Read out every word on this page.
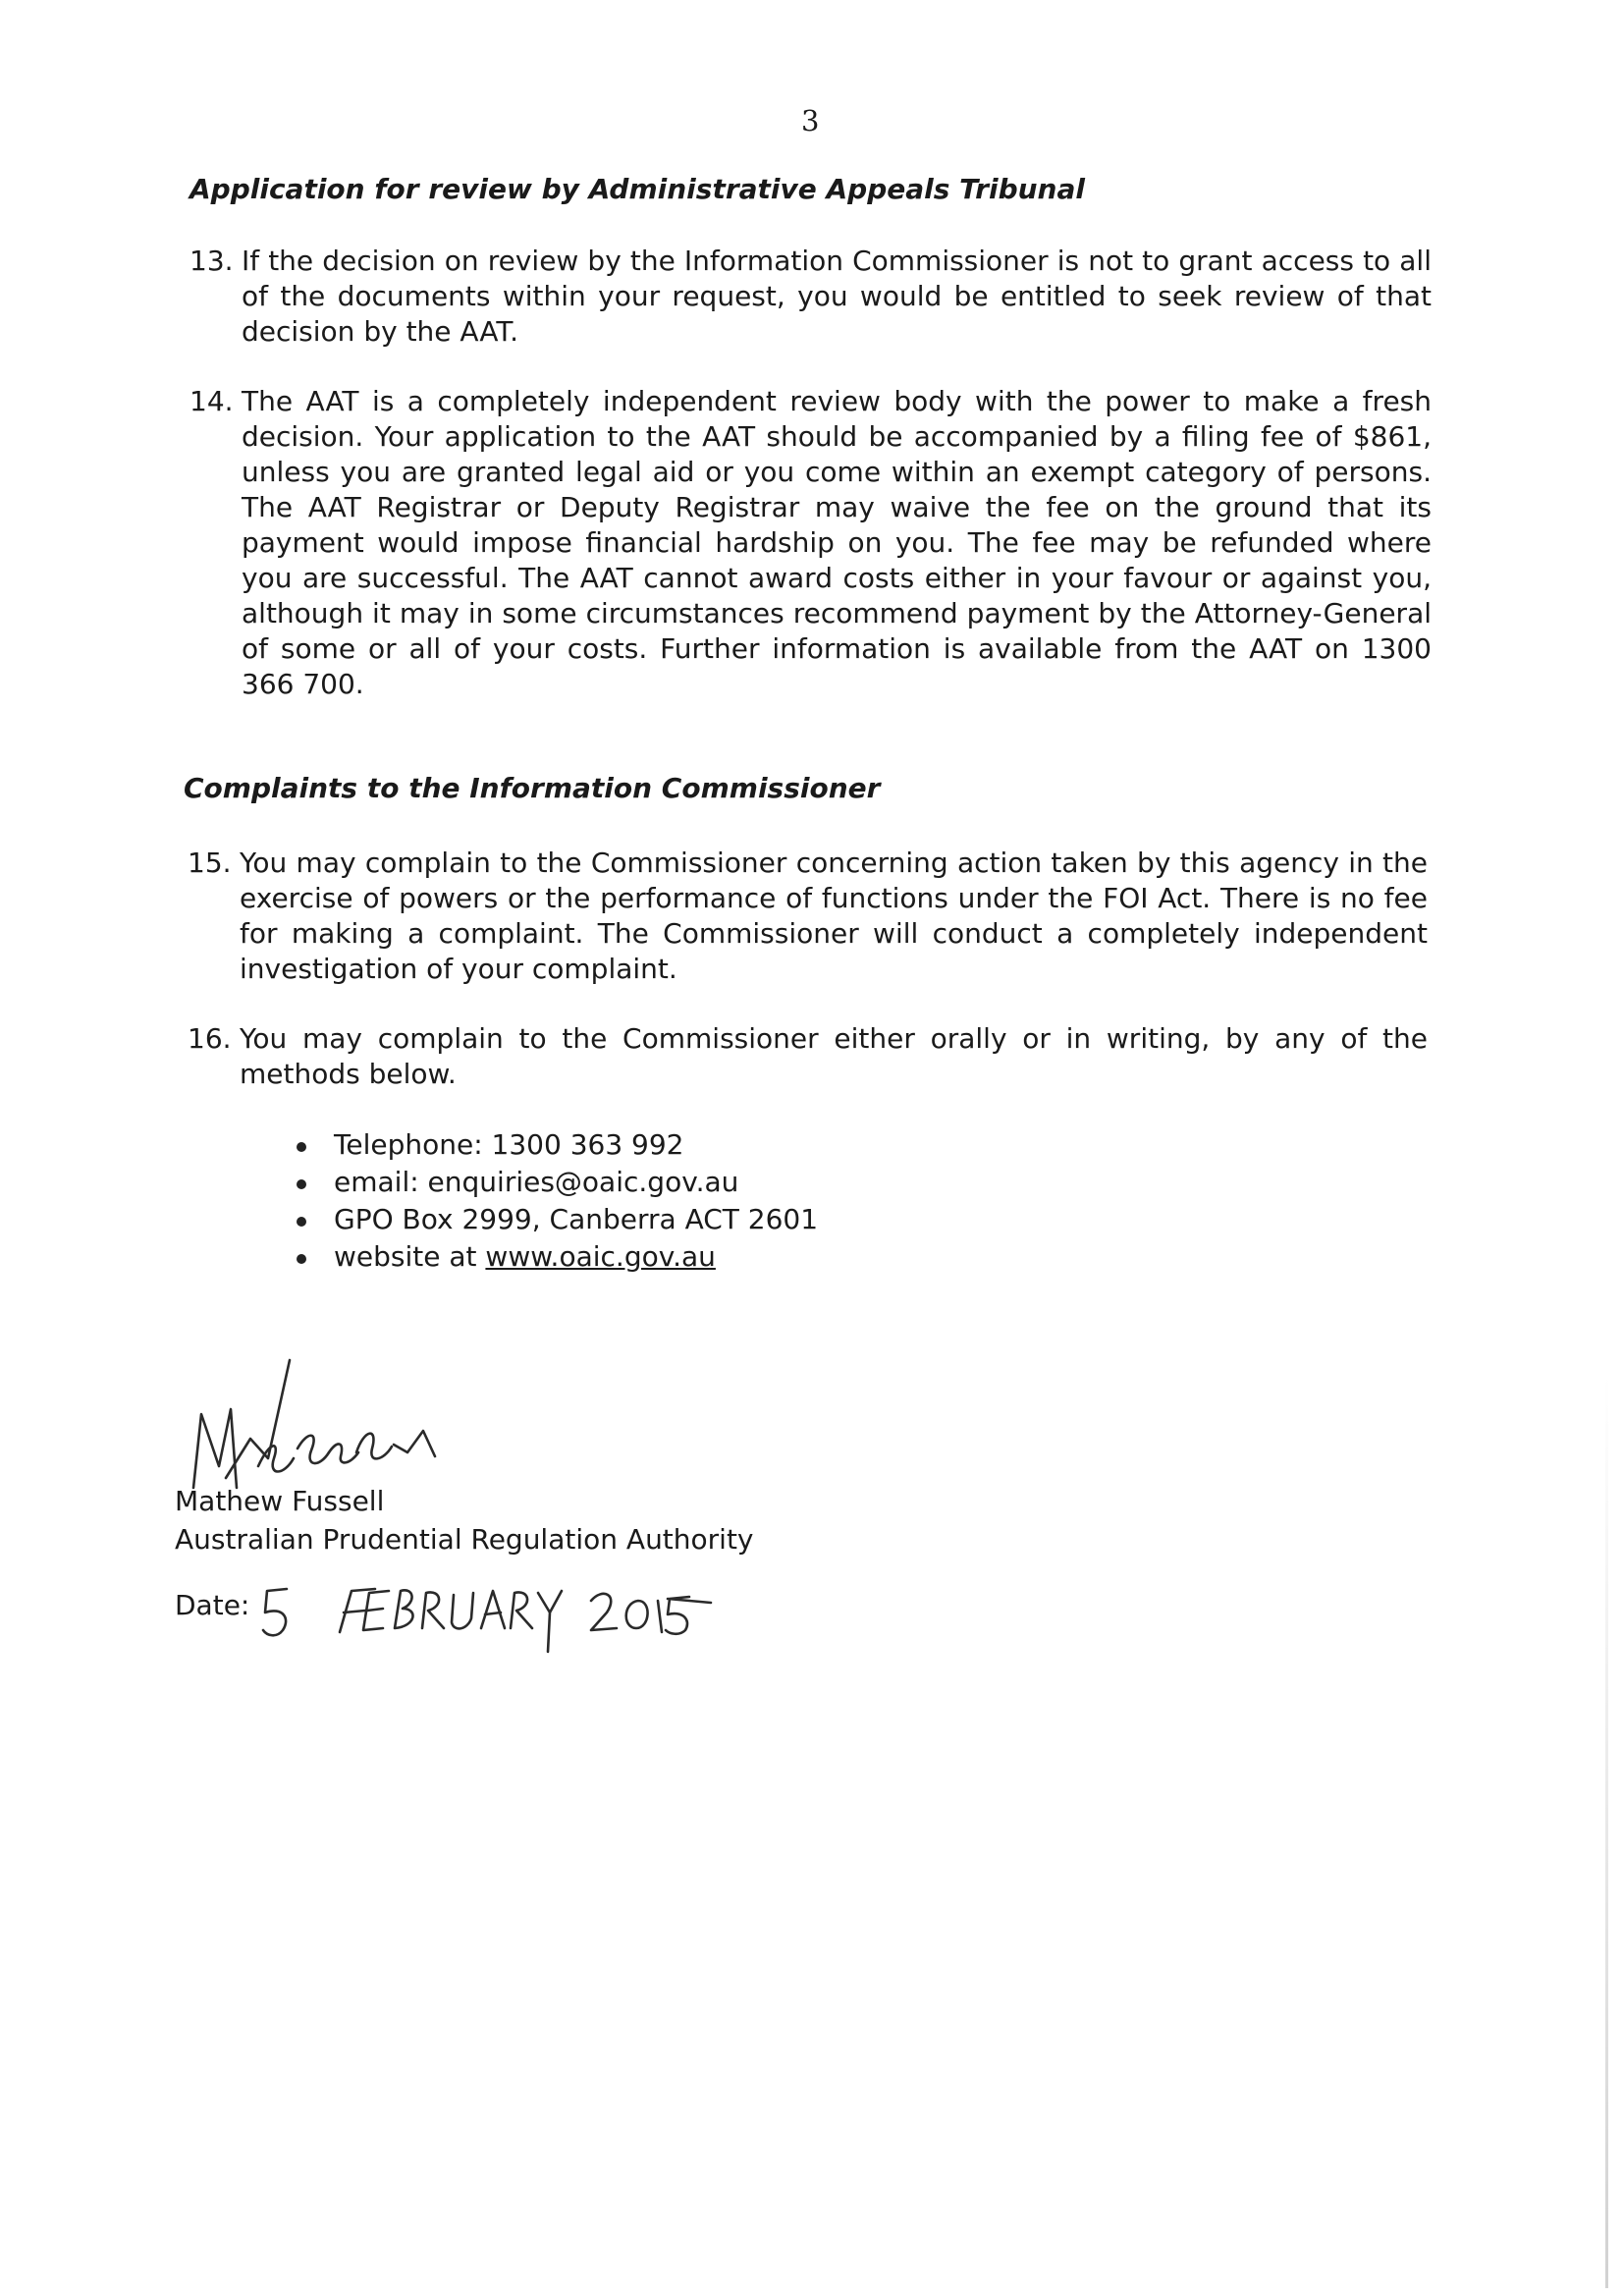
3
Application for review by Administrative Appeals Tribunal
13. If the decision on review by the Information Commissioner is not to grant access to all of the documents within your request, you would be entitled to seek review of that decision by the AAT.
14. The AAT is a completely independent review body with the power to make a fresh decision. Your application to the AAT should be accompanied by a filing fee of $861, unless you are granted legal aid or you come within an exempt category of persons. The AAT Registrar or Deputy Registrar may waive the fee on the ground that its payment would impose financial hardship on you. The fee may be refunded where you are successful. The AAT cannot award costs either in your favour or against you, although it may in some circumstances recommend payment by the Attorney-General of some or all of your costs. Further information is available from the AAT on 1300 366 700.
Complaints to the Information Commissioner
15. You may complain to the Commissioner concerning action taken by this agency in the exercise of powers or the performance of functions under the FOI Act. There is no fee for making a complaint. The Commissioner will conduct a completely independent investigation of your complaint.
16. You may complain to the Commissioner either orally or in writing, by any of the methods below.
Telephone: 1300 363 992
email: enquiries@oaic.gov.au
GPO Box 2999, Canberra ACT 2601
website at www.oaic.gov.au
Mathew Fussell
Australian Prudential Regulation Authority
Date:
